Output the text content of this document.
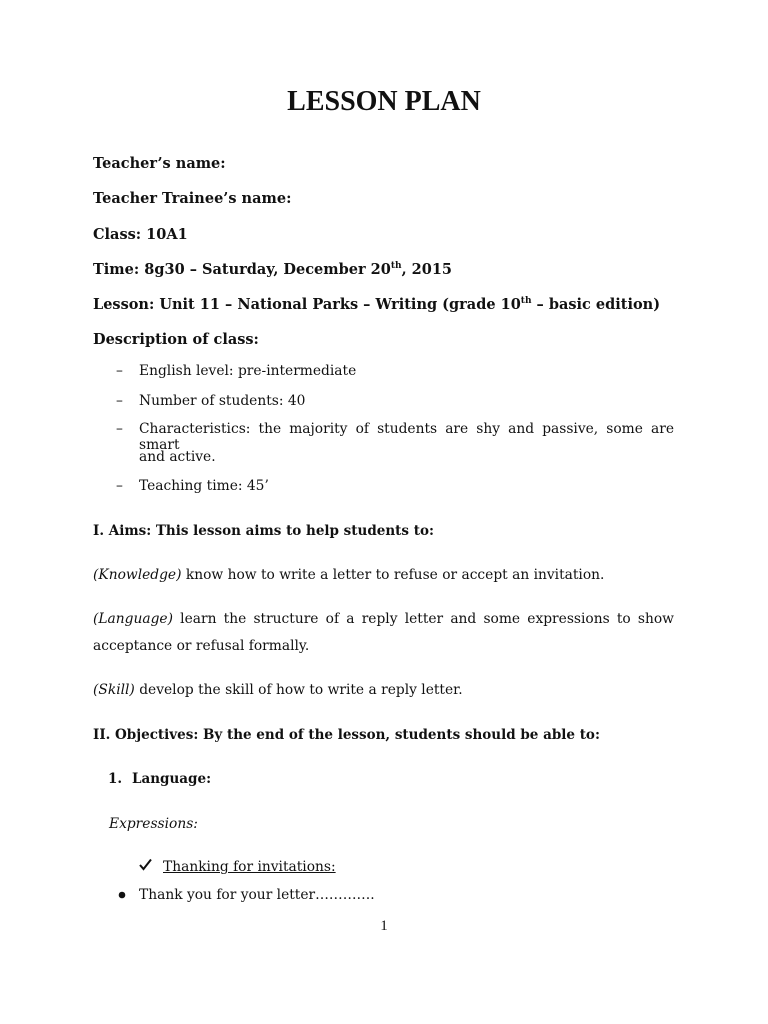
LESSON PLAN
Teacher’s name:
Teacher Trainee’s name:
Class: 10A1
Time: 8g30 – Saturday, December 20th, 2015
Lesson: Unit 11 – National Parks – Writing (grade 10th – basic edition)
Description of class:
– English level: pre-intermediate
– Number of students: 40
– Characteristics: the majority of students are shy and passive, some are smart
and active.
– Teaching time: 45’
I. Aims: This lesson aims to help students to:
(Knowledge) know how to write a letter to refuse or accept an invitation.
(Language) learn the structure of a reply letter and some expressions to show
acceptance or refusal formally.
(Skill) develop the skill of how to write a reply letter.
II. Objectives: By the end of the lesson, students should be able to:
1. Language:
Expressions:
Thanking for invitations:
Thank you for your letter………….
1
